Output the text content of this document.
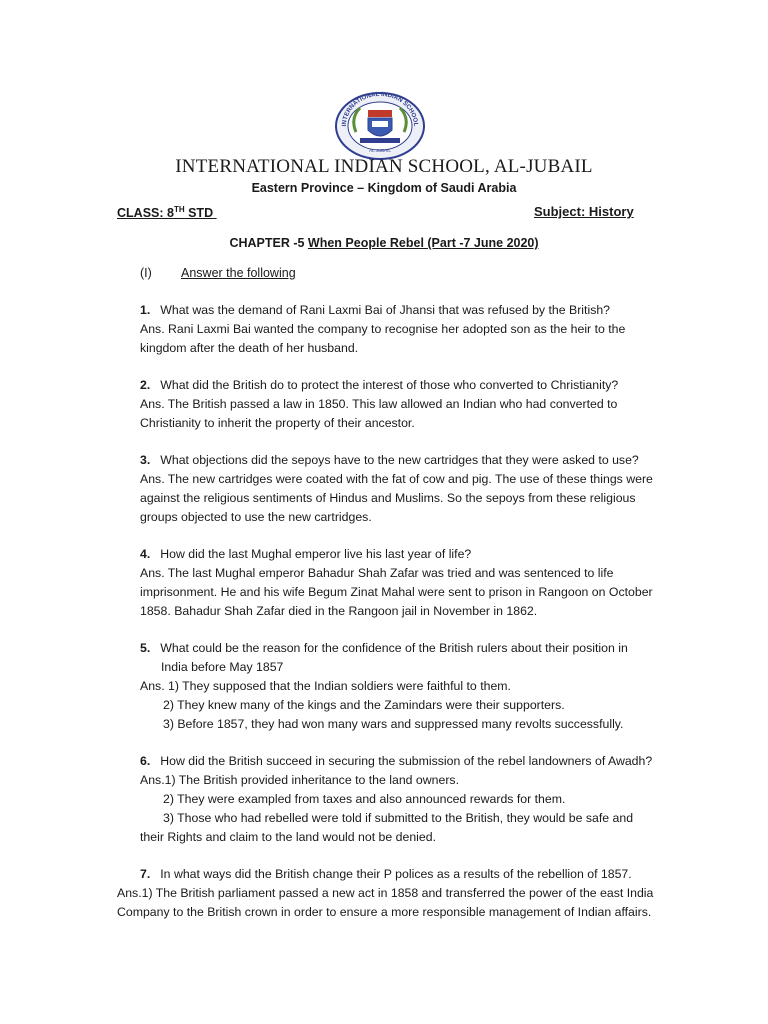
INTERNATIONAL INDIAN SCHOOL
AL JUBAIL
INTERNATIONAL INDIAN SCHOOL, AL-JUBAIL
Eastern Province – Kingdom of Saudi Arabia
CLASS: 8TH STD	Subject: History
CHAPTER -5 When People Rebel (Part -7 June 2020)
(I) Answer the following
1. What was the demand of Rani Laxmi Bai of Jhansi that was refused by the British?
Ans. Rani Laxmi Bai wanted the company to recognise her adopted son as the heir to the
kingdom after the death of her husband.
2. What did the British do to protect the interest of those who converted to Christianity?
Ans. The British passed a law in 1850. This law allowed an Indian who had converted to
Christianity to inherit the property of their ancestor.
3. What objections did the sepoys have to the new cartridges that they were asked to use?
Ans. The new cartridges were coated with the fat of cow and pig. The use of these things were
against the religious sentiments of Hindus and Muslims. So the sepoys from these religious
groups objected to use the new cartridges.
4. How did the last Mughal emperor live his last year of life?
Ans. The last Mughal emperor Bahadur Shah Zafar was tried and was sentenced to life
imprisonment. He and his wife Begum Zinat Mahal were sent to prison in Rangoon on October
1858. Bahadur Shah Zafar died in the Rangoon jail in November in 1862.
5. What could be the reason for the confidence of the British rulers about their position in
India before May 1857
Ans. 1) They supposed that the Indian soldiers were faithful to them.
2) They knew many of the kings and the Zamindars were their supporters.
3) Before 1857, they had won many wars and suppressed many revolts successfully.
6. How did the British succeed in securing the submission of the rebel landowners of Awadh?
Ans.1) The British provided inheritance to the land owners.
2) They were exampled from taxes and also announced rewards for them.
3) Those who had rebelled were told if submitted to the British, they would be safe and
their Rights and claim to the land would not be denied.
7. In what ways did the British change their P polices as a results of the rebellion of 1857.
Ans.1) The British parliament passed a new act in 1858 and transferred the power of the east India
Company to the British crown in order to ensure a more responsible management of Indian affairs.
